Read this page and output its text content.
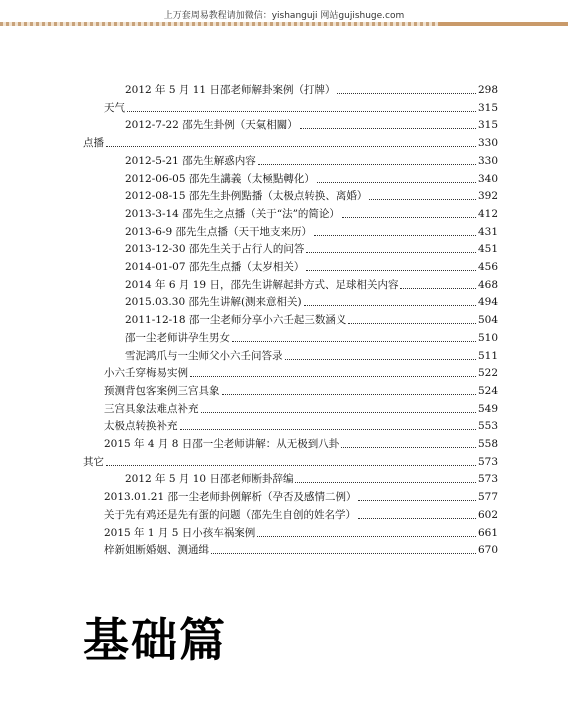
上万套周易教程请加微信：yishanguji 网站gujishuge.com
2012 年 5 月 11 日邵老师解卦案例（打牌）	298
天气	315
2012-7-22 邵先生卦例（天氣相關）	315
点播	330
2012-5-21 邵先生解惑内容	330
2012-06-05 邵先生講義（太極點轉化）	340
2012-08-15 邵先生卦例點播（太极点转换、离婚）	392
2013-3-14 邵先生之点播（关于“法”的简论）	412
2013-6-9 邵先生点播（天干地支来历）	431
2013-12-30 邵先生关于占行人的问答	451
2014-01-07 邵先生点播（太岁相关）	456
2014 年 6 月 19 日，邵先生讲解起卦方式、足球相关内容	468
2015.03.30 邵先生讲解(测来意相关)	494
2011-12-18 邵一尘老师分享小六壬起三数涵义	504
邵一尘老师讲孕生男女	510
雪泥鸿爪与一尘师父小六壬问答录	511
小六壬穿梅易实例	522
预测背包客案例三宫具象	524
三宫具象法难点补充	549
太极点转换补充	553
2015 年 4 月 8 日邵一尘老师讲解：从无极到八卦	558
其它	573
2012 年 5 月 10 日邵老师断卦辞编	573
2013.01.21 邵一尘老师卦例解析（孕否及感情二例）	577
关于先有鸡还是先有蛋的问题（邵先生自创的姓名学）	602
2015 年 1 月 5 日小孩车祸案例	661
梓新姐断婚姻、测通缉	670
基础篇
